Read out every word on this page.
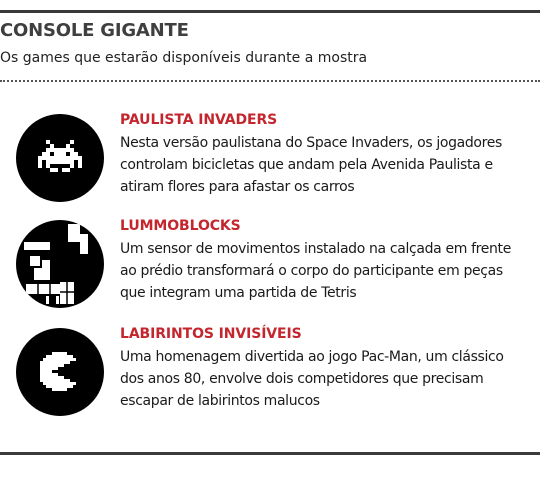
CONSOLE GIGANTE
Os games que estarão disponíveis durante a mostra
PAULISTA INVADERS
Nesta versão paulistana do Space Invaders, os jogadores
controlam bicicletas que andam pela Avenida Paulista e
atiram flores para afastar os carros
LUMMOBLOCKS
Um sensor de movimentos instalado na calçada em frente
ao prédio transformará o corpo do participante em peças
que integram uma partida de Tetris
LABIRINTOS INVISÍVEIS
Uma homenagem divertida ao jogo Pac-Man, um clássico
dos anos 80, envolve dois competidores que precisam
escapar de labirintos malucos
